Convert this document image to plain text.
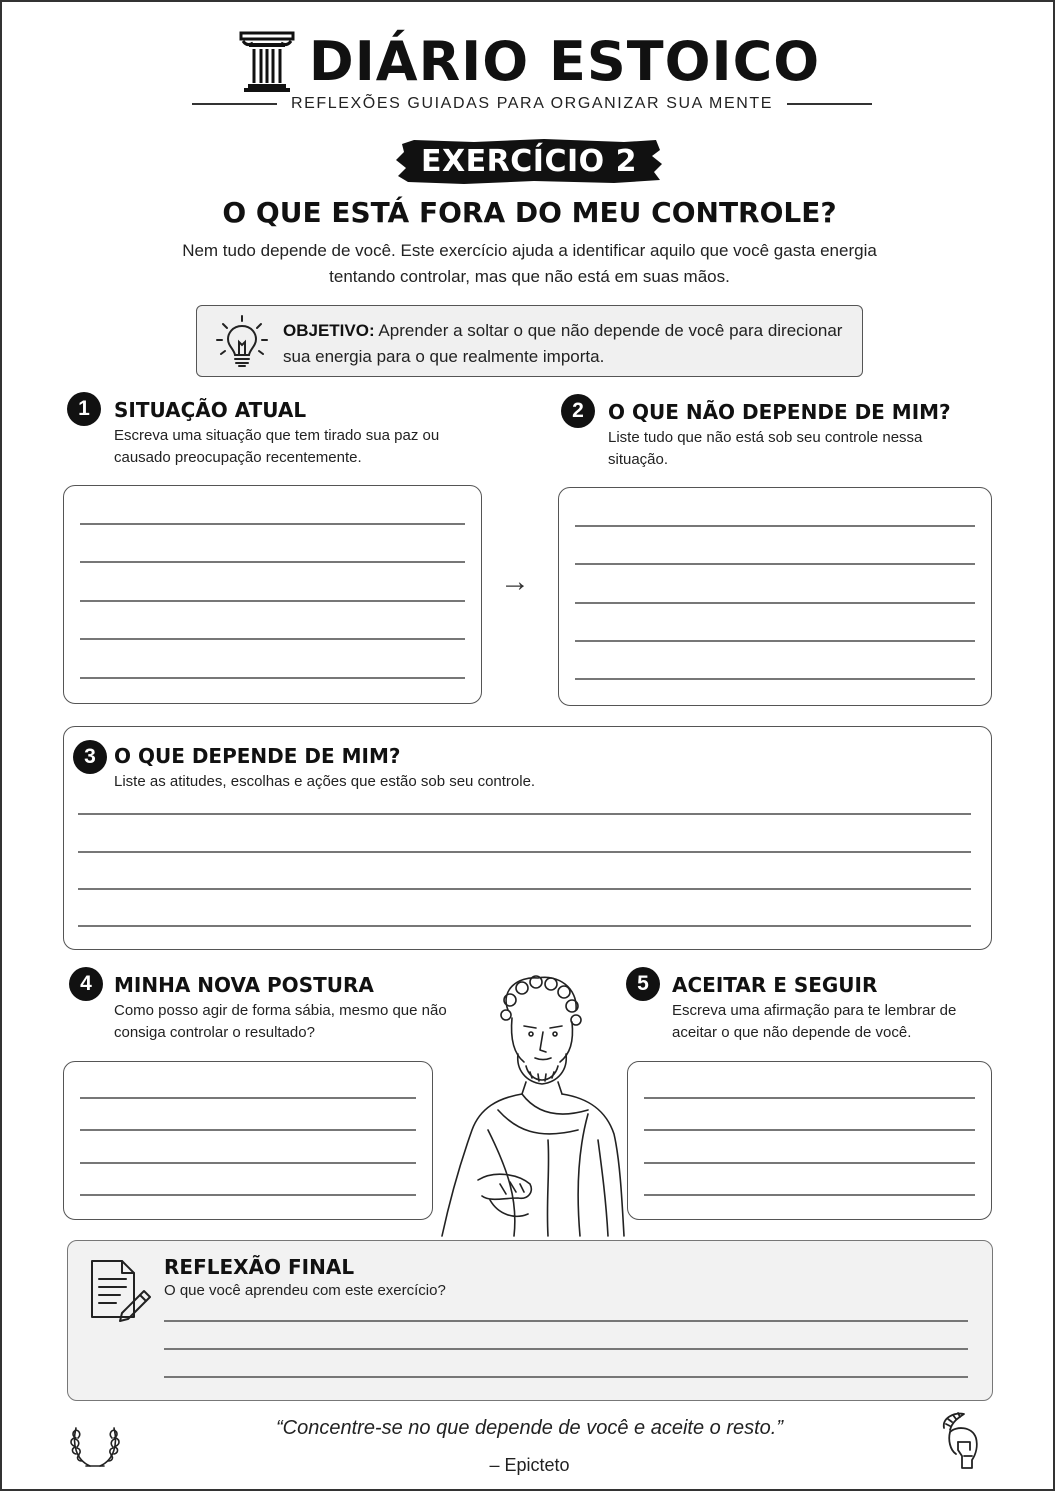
DIÁRIO ESTOICO
REFLEXÕES GUIADAS PARA ORGANIZAR SUA MENTE
EXERCÍCIO 2
O QUE ESTÁ FORA DO MEU CONTROLE?
Nem tudo depende de você. Este exercício ajuda a identificar aquilo que você gasta energia tentando controlar, mas que não está em suas mãos.
OBJETIVO: Aprender a soltar o que não depende de você para direcionar sua energia para o que realmente importa.
1	SITUAÇÃO ATUAL
Escreva uma situação que tem tirado sua paz ou causado preocupação recentemente.
→
2	O QUE NÃO DEPENDE DE MIM?
Liste tudo que não está sob seu controle nessa situação.
3 O QUE DEPENDE DE MIM?
Liste as atitudes, escolhas e ações que estão sob seu controle.
4	MINHA NOVA POSTURA
Como posso agir de forma sábia, mesmo que não consiga controlar o resultado?
5	ACEITAR E SEGUIR
Escreva uma afirmação para te lembrar de aceitar o que não depende de você.
REFLEXÃO FINAL
O que você aprendeu com este exercício?
“Concentre-se no que depende de você e aceite o resto.”
– Epicteto
